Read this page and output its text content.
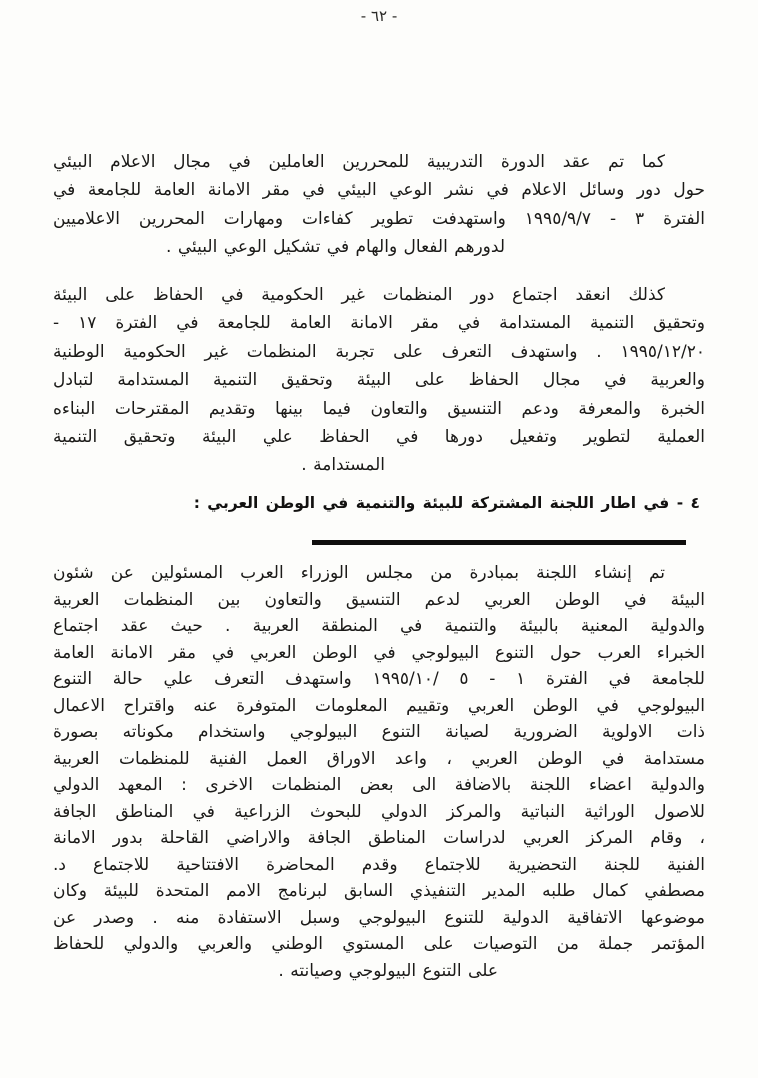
- ٦٢ -
كما تم عقد الدورة التدريبية للمحررين العاملين في مجال الاعلام البيئي
حول دور وسائل الاعلام في نشر الوعي البيئي في مقر الامانة العامة للجامعة في
الفترة ٣ - ١٩٩٥/٩/٧ واستهدفت تطوير كفاءات ومهارات المحررين الاعلاميين
لدورهم الفعال والهام في تشكيل الوعي البيئي .
كذلك انعقد اجتماع دور المنظمات غير الحكومية في الحفاظ على البيئة
وتحقيق التنمية المستدامة في مقر الامانة العامة للجامعة في الفترة ١٧ -
١٩٩٥/١٢/٢٠ . واستهدف التعرف على تجربة المنظمات غير الحكومية الوطنية
والعربية في مجال الحفاظ على البيئة وتحقيق التنمية المستدامة لتبادل
الخبرة والمعرفة ودعم التنسيق والتعاون فيما بينها وتقديم المقترحات البناءه
العملية لتطوير وتفعيل دورها في الحفاظ علي البيئة وتحقيق التنمية
المستدامة .
٤ - في اطار اللجنة المشتركة للبيئة والتنمية في الوطن العربي :
تم إنشاء اللجنة بمبادرة من مجلس الوزراء العرب المسئولين عن شئون
البيئة في الوطن العربي لدعم التنسيق والتعاون بين المنظمات العربية
والدولية المعنية بالبيئة والتنمية في المنطقة العربية . حيث عقد اجتماع
الخبراء العرب حول التنوع البيولوجي في الوطن العربي في مقر الامانة العامة
للجامعة في الفترة ١ - ٥ /١٩٩٥/١٠ واستهدف التعرف علي حالة التنوع
البيولوجي في الوطن العربي وتقييم المعلومات المتوفرة عنه واقتراح الاعمال
ذات الاولوية الضرورية لصيانة التنوع البيولوجي واستخدام مكوناته بصورة
مستدامة في الوطن العربي ، واعد الاوراق العمل الفنية للمنظمات العربية
والدولية اعضاء اللجنة بالاضافة الى بعض المنظمات الاخرى : المعهد الدولي
للاصول الوراثية النباتية والمركز الدولي للبحوث الزراعية في المناطق الجافة
، وقام المركز العربي لدراسات المناطق الجافة والاراضي القاحلة بدور الامانة
الفنية للجنة التحضيرية للاجتماع وقدم المحاضرة الافتتاحية للاجتماع د.
مصطفي كمال طلبه المدير التنفيذي السابق لبرنامج الامم المتحدة للبيئة وكان
موضوعها الاتفاقية الدولية للتنوع البيولوجي وسبل الاستفادة منه . وصدر عن
المؤتمر جملة من التوصيات على المستوي الوطني والعربي والدولي للحفاظ
على التنوع البيولوجي وصيانته .
